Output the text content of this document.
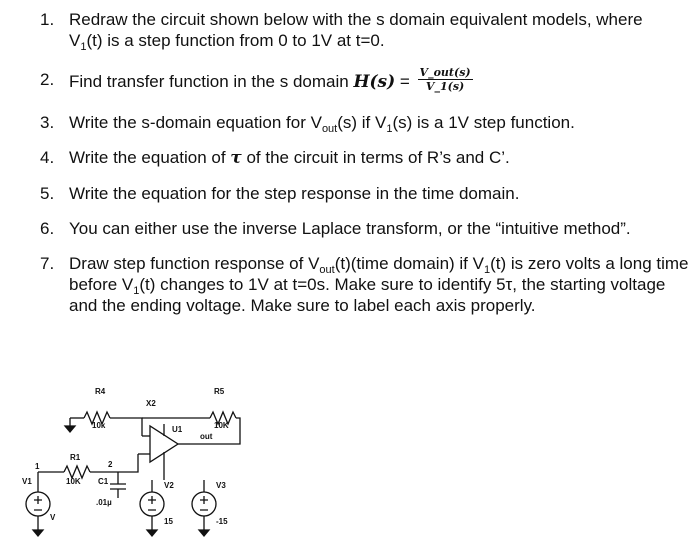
1. Redraw the circuit shown below with the s domain equivalent models, where
$V_1(t)$ is a step function from 0 to 1V at t=0.
2. Find transfer function in the s domain $H(s) = \frac{\text{V\_out(s)}}{V\_1(s)}$
3. Write the s-domain equation for $V_{out}(s)$ if $V_1(s)$ is a 1V step function.
4. Write the equation of τ of the circuit in terms of R’s and C’.
5. Write the equation for the step response in the time domain.
6. You can either use the inverse Laplace transform, or the “intuitive method”.
7. Draw step function response of $V_{out}(t)(time$ domain) if $V_1(t)$ is zero volts a long time
before $V_1(t)$ changes to 1V at t=0s. Make sure to identify 5τ, the starting voltage
and the ending voltage. Make sure to label each axis properly.
R4
10k
X2
R5
10K
out
U1
R1
1	2
V1	10K C1
.01µ
V
V2
15
V3
-15
